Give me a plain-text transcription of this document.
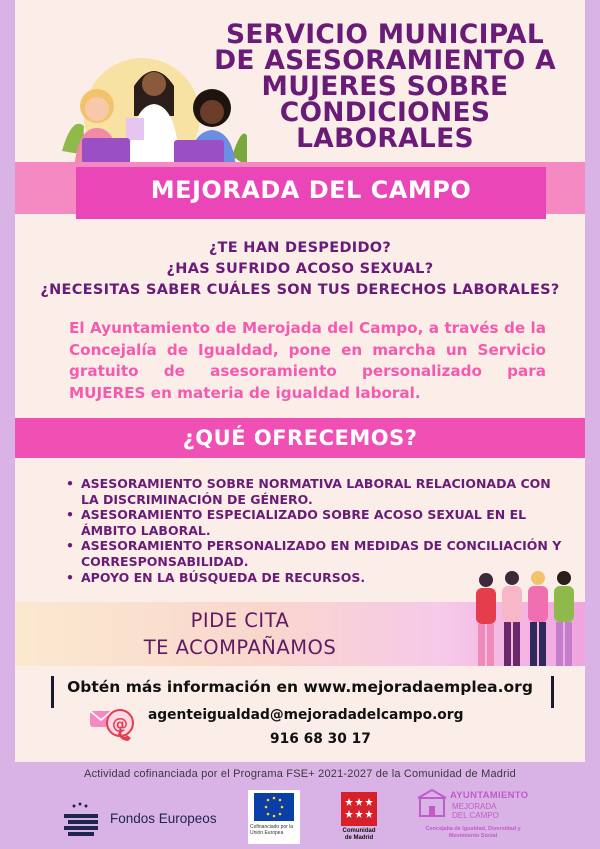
SERVICIO MUNICIPAL
DE ASESORAMIENTO A
MUJERES SOBRE
CONDICIONES
LABORALES
MEJORADA DEL CAMPO
¿TE HAN DESPEDIDO?
¿HAS SUFRIDO ACOSO SEXUAL?
¿NECESITAS SABER CUÁLES SON TUS DERECHOS LABORALES?

El Ayuntamiento de Merojada del Campo, a través de la Concejalía de Igualdad, pone en marcha un Servicio gratuito de asesoramiento personalizado para MUJERES en materia de igualdad laboral.

¿QUÉ OFRECEMOS?
• ASESORAMIENTO SOBRE NORMATIVA LABORAL RELACIONADA CON LA DISCRIMINACIÓN DE GÉNERO.
• ASESORAMIENTO ESPECIALIZADO SOBRE ACOSO SEXUAL EN EL ÁMBITO LABORAL.
• ASESORAMIENTO PERSONALIZADO EN MEDIDAS DE CONCILIACIÓN Y CORRESPONSABILIDAD.
• APOYO EN LA BÚSQUEDA DE RECURSOS.
PIDE CITA
TE ACOMPAÑAMOS
Obtén más información en www.mejoradaemplea.org
@ agenteigualdad@mejoradadelcampo.org
916 68 30 17
Actividad cofinanciada por el Programa FSE+ 2021-2027 de la Comunidad de Madrid
Fondos Europeos
Cofinanciado por la Unión Europea	Comunidad
de Madrid
AYUNTAMIENTO
MEJORADA
DEL CAMPO
Concejalía de Igualdad, Diversidad y Movimiento Social
